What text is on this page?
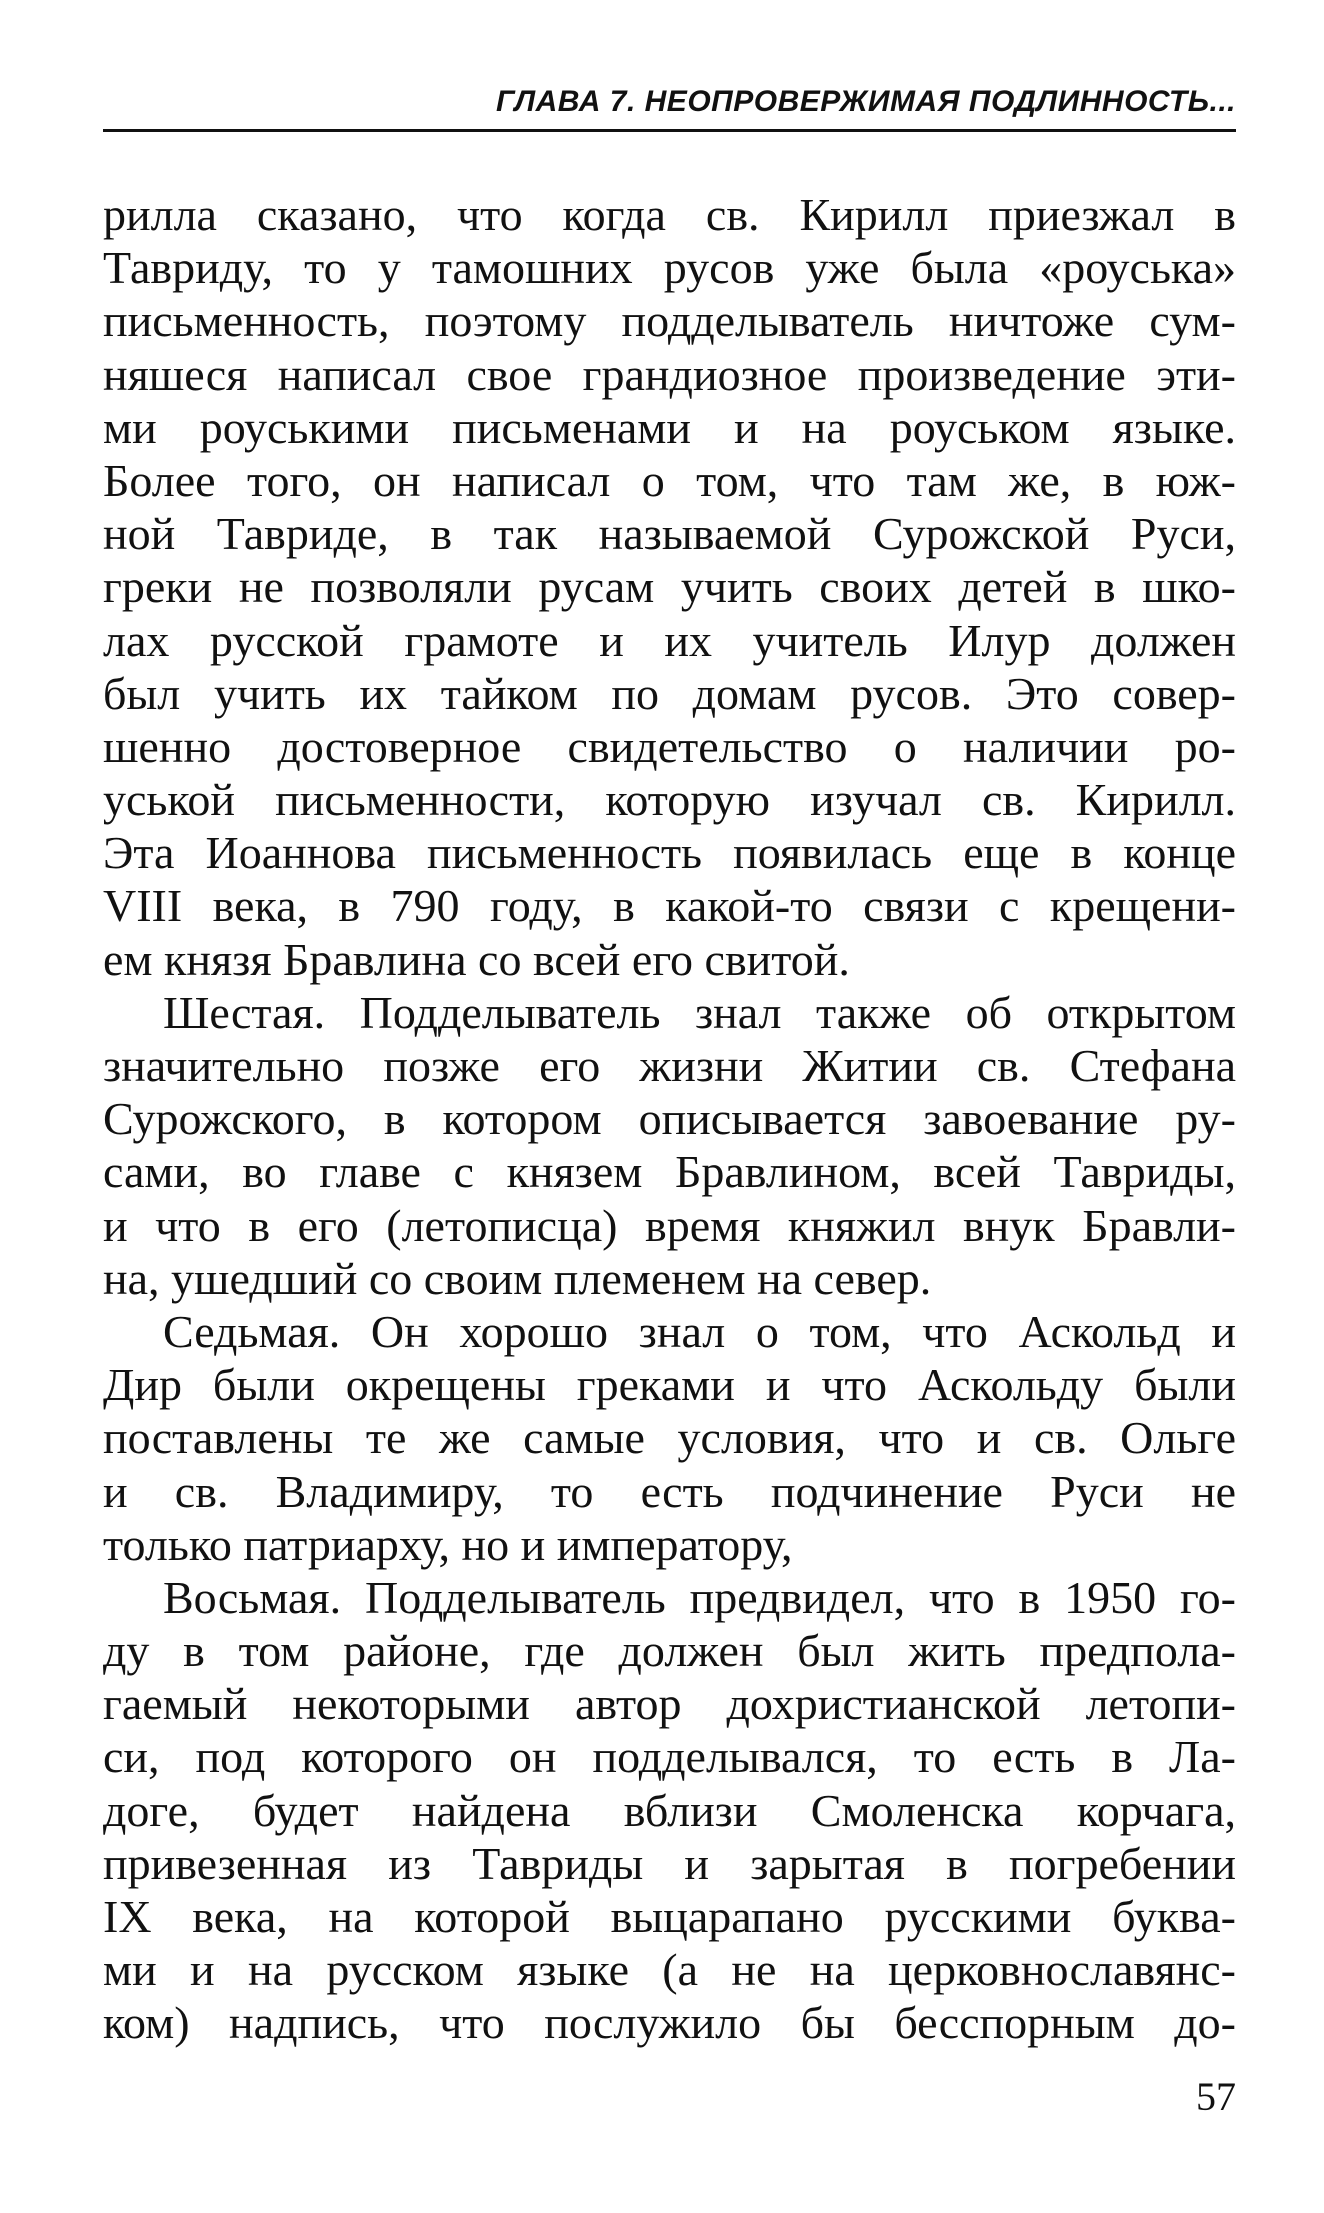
ГЛАВА 7. НЕОПРОВЕРЖИМАЯ ПОДЛИННОСТЬ...
рилла сказано, что когда св. Кирилл приезжал в
Тавриду, то у тамошних русов уже была «роуська»
письменность, поэтому подделыватель ничтоже сум-
няшеся написал свое грандиозное произведение эти-
ми роуськими письменами и на роуськом языке.
Более того, он написал о том, что там же, в юж-
ной Тавриде, в так называемой Сурожской Руси,
греки не позволяли русам учить своих детей в шко-
лах русской грамоте и их учитель Илур должен
был учить их тайком по домам русов. Это совер-
шенно достоверное свидетельство о наличии ро-
уськой письменности, которую изучал св. Кирилл.
Эта Иоаннова письменность появилась еще в конце
VIII века, в 790 году, в какой-то связи с крещени-
ем князя Бравлина со всей его свитой.
Шестая. Подделыватель знал также об открытом
значительно позже его жизни Житии св. Стефана
Сурожского, в котором описывается завоевание ру-
сами, во главе с князем Бравлином, всей Тавриды,
и что в его (летописца) время княжил внук Бравли-
на, ушедший со своим племенем на север.
Седьмая. Он хорошо знал о том, что Аскольд и
Дир были окрещены греками и что Аскольду были
поставлены те же самые условия, что и св. Ольге
и св. Владимиру, то есть подчинение Руси не
только патриарху, но и императору,
Восьмая. Подделыватель предвидел, что в 1950 го-
ду в том районе, где должен был жить предпола-
гаемый некоторыми автор дохристианской летопи-
си, под которого он подделывался, то есть в Ла-
доге, будет найдена вблизи Смоленска корчага,
привезенная из Тавриды и зарытая в погребении
IX века, на которой выцарапано русскими буква-
ми и на русском языке (а не на церковнославянс-
ком) надпись, что послужило бы бесспорным до-
57
